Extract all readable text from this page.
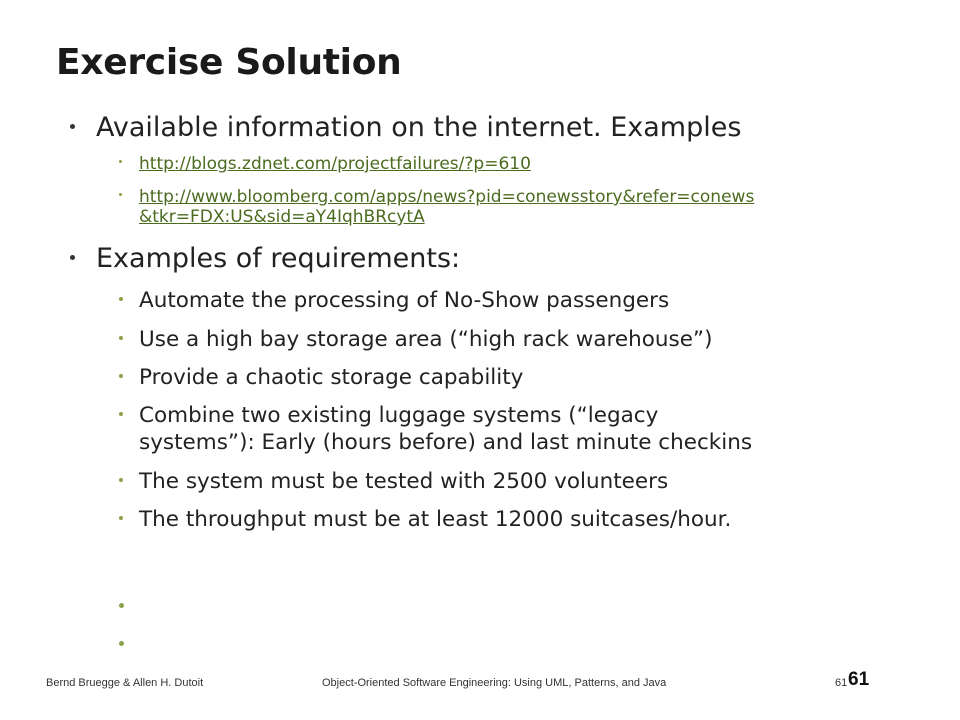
Exercise Solution
Available information on the internet. Examples
http://blogs.zdnet.com/projectfailures/?p=610
http://www.bloomberg.com/apps/news?pid=conewsstory&refer=conews
&tkr=FDX:US&sid=aY4IqhBRcytA
Examples of requirements:
Automate the processing of No-Show passengers
Use a high bay storage area (“high rack warehouse”)
Provide a chaotic storage capability
Combine two existing luggage systems (“legacy
systems”): Early (hours before) and last minute checkins
The system must be tested with 2500 volunteers
The throughput must be at least 12000 suitcases/hour.
Bernd Bruegge & Allen H. Dutoit	Object-Oriented Software Engineering: Using UML, Patterns, and Java	61 61
